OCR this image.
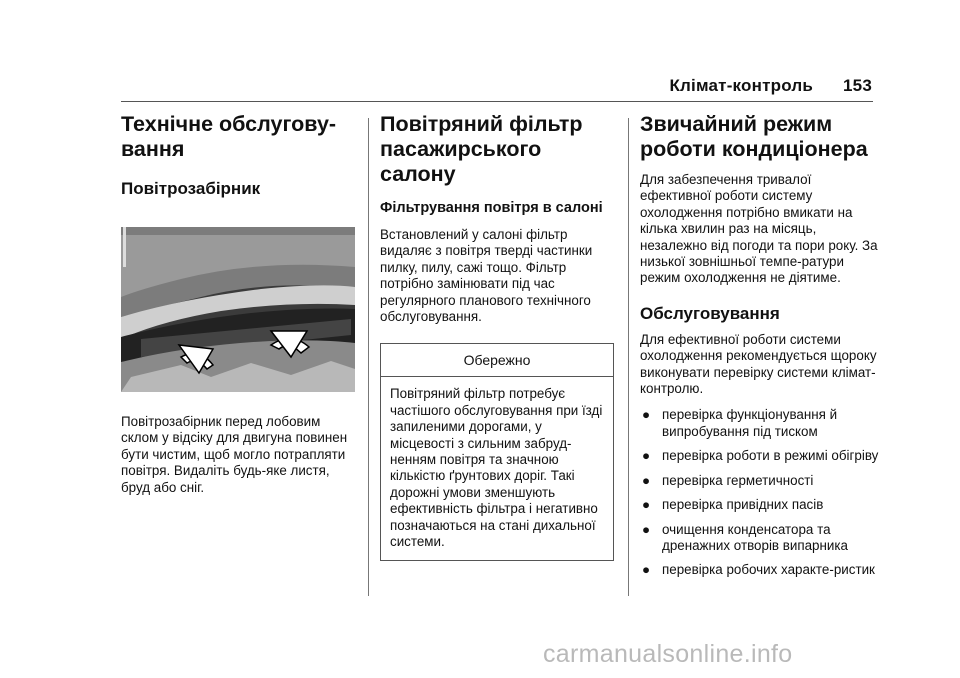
Клімат-контроль 153
Технічне обслугову-
вання
Повітрозабірник

Повітрозабірник перед лобовим склом у відсіку для двигуна повинен бути чистим, щоб могло потрапляти повітря. Видаліть будь-яке листя, бруд або сніг.

Повітряний фільтр пасажирського салону
Фільтрування повітря в салоні

Встановлений у салоні фільтр видаляє з повітря тверді частинки пилку, пилу, сажі тощо. Фільтр потрібно замінювати під час регулярного планового технічного обслуговування.

Обережно
Повітряний фільтр потребує частішого обслуговування при їзді запиленими дорогами, у місцевості з сильним забруд-ненням повітря та значною кількістю ґрунтових доріг. Такі дорожні умови зменшують ефективність фільтра і негативно позначаються на стані дихальної системи.
Звичайний режим роботи кондиціонера

Для забезпечення тривалої ефективної роботи систему охолодження потрібно вмикати на кілька хвилин раз на місяць, незалежно від погоди та пори року. За низької зовнішньої темпе-ратури режим охолодження не діятиме.

Обслуговування

Для ефективної роботи системи охолодження рекомендується щороку виконувати перевірку системи клімат-контролю.

● перевірка функціонування й випробування під тиском
● перевірка роботи в режимі обігріву
● перевірка герметичності
● перевірка привідних пасів
● очищення конденсатора та дренажних отворів випарника
● перевірка робочих характе-ристик
carmanualsonline.info
